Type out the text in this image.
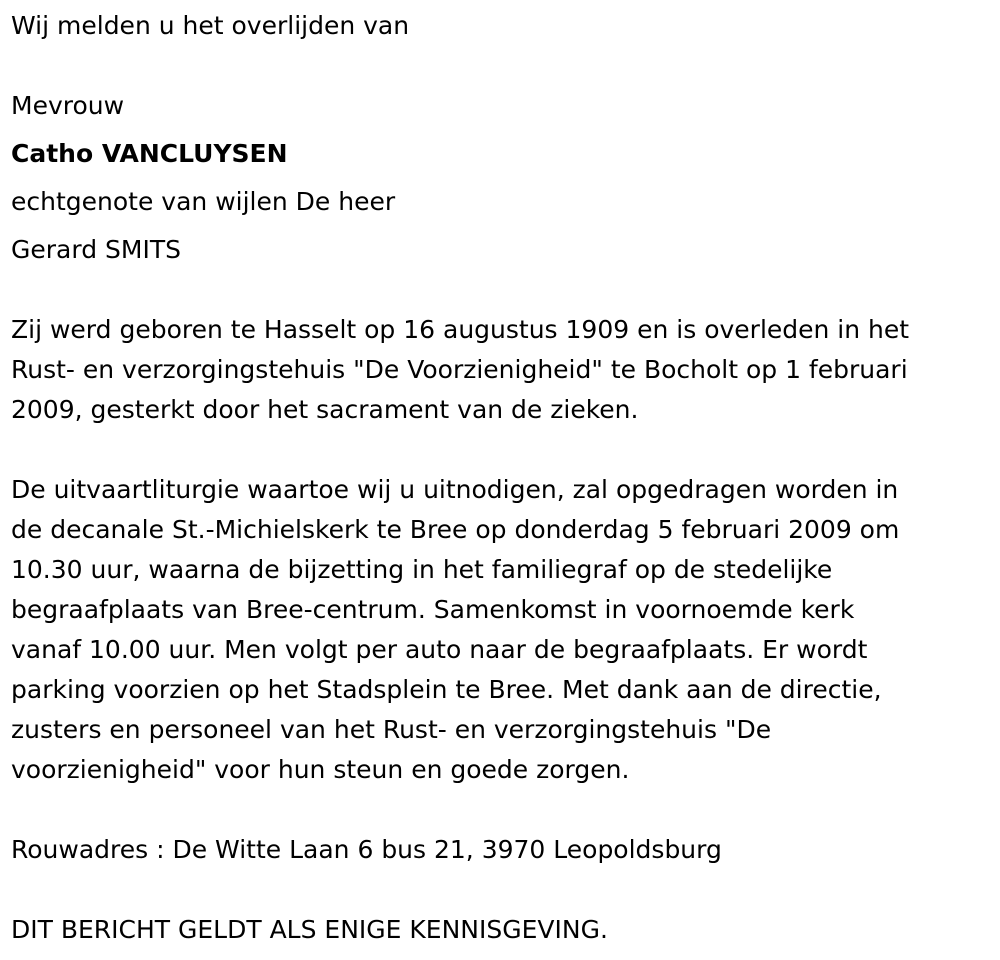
Wij melden u het overlijden van
Mevrouw
Catho VANCLUYSEN
echtgenote van wijlen De heer
Gerard SMITS
Zij werd geboren te Hasselt op 16 augustus 1909 en is overleden in het
Rust- en verzorgingstehuis "De Voorzienigheid" te Bocholt op 1 februari
2009, gesterkt door het sacrament van de zieken.
De uitvaartliturgie waartoe wij u uitnodigen, zal opgedragen worden in
de decanale St.-Michielskerk te Bree op donderdag 5 februari 2009 om
10.30 uur, waarna de bijzetting in het familiegraf op de stedelijke
begraafplaats van Bree-centrum. Samenkomst in voornoemde kerk
vanaf 10.00 uur. Men volgt per auto naar de begraafplaats. Er wordt
parking voorzien op het Stadsplein te Bree. Met dank aan de directie,
zusters en personeel van het Rust- en verzorgingstehuis "De
voorzienigheid" voor hun steun en goede zorgen.
Rouwadres : De Witte Laan 6 bus 21, 3970 Leopoldsburg
DIT BERICHT GELDT ALS ENIGE KENNISGEVING.
